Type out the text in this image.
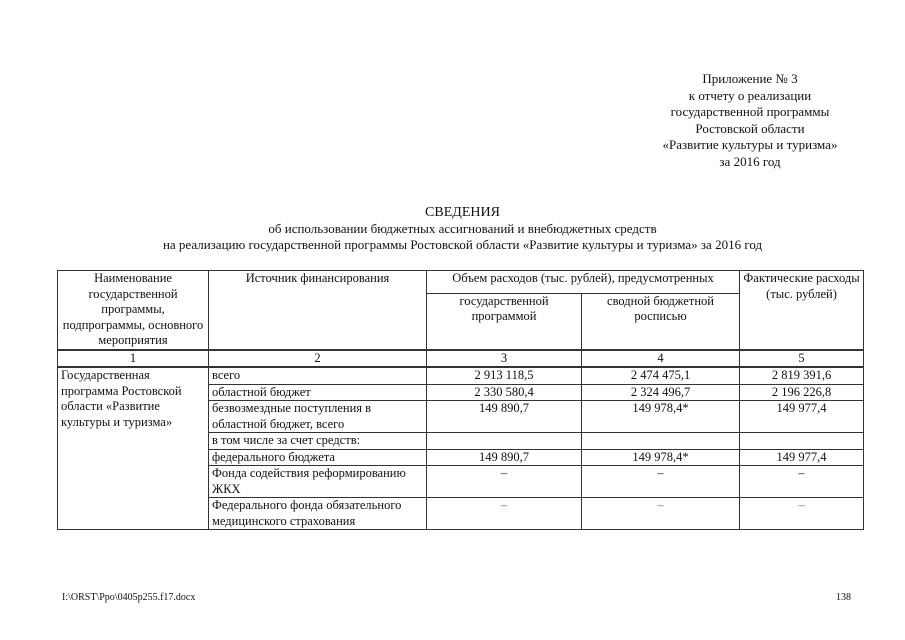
Приложение № 3
к отчету о реализации
государственной программы
Ростовской области
«Развитие культуры и туризма»
за 2016 год
СВЕДЕНИЯ
об использовании бюджетных ассигнований и внебюджетных средств
на реализацию государственной программы Ростовской области «Развитие культуры и туризма» за 2016 год
Наименование государственной программы, подпрограммы, основного мероприятия	Источник финансирования	Объем расходов (тыс. рублей), предусмотренных		Фактические расходы (тыс. рублей)
		государственной программой	сводной бюджетной росписью	
1	2	3	4	5
Государственная программа Ростовской области «Развитие культуры и туризма»	всего	2 913 118,5	2 474 475,1	2 819 391,6
	областной бюджет	2 330 580,4	2 324 496,7	2 196 226,8
	безвозмездные поступления в областной бюджет, всего	149 890,7	149 978,4*	149 977,4
	в том числе за счет средств:			
	федерального бюджета	149 890,7	149 978,4*	149 977,4
	Фонда содействия реформированию ЖКХ	–	–	–
	Федерального фонда обязательного медицинского страхования	–	–	–
I:\ORST\Ppo\0405p255.f17.docx	138
